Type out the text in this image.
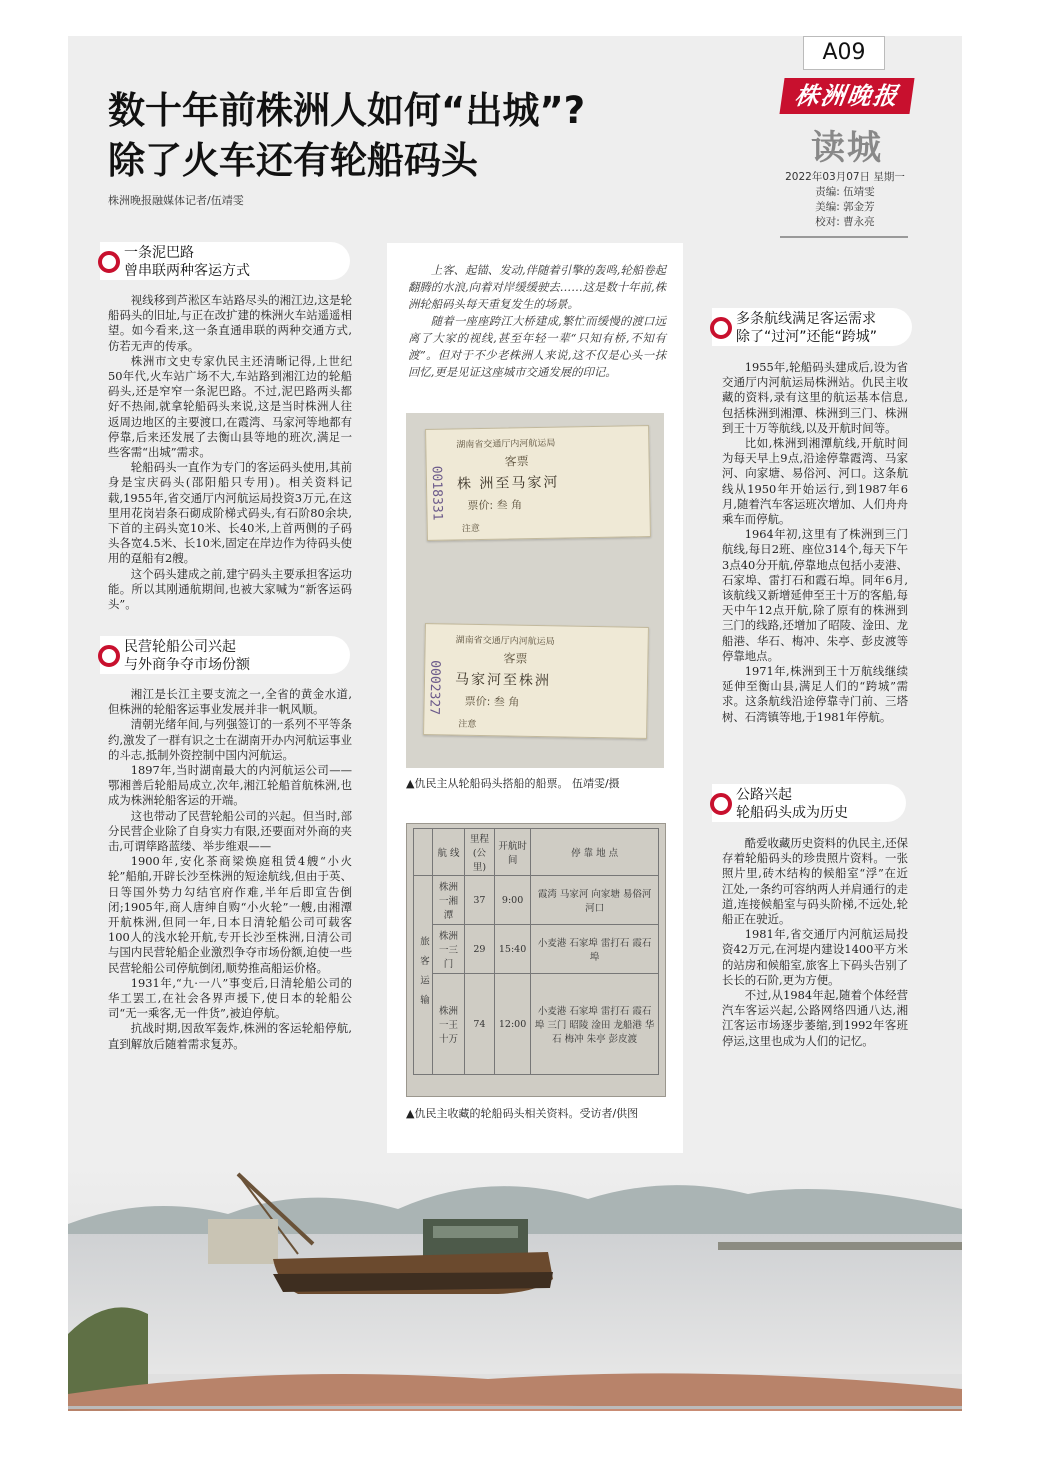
A09
株洲晚报
读城
2022年03月07日 星期一
责编: 伍靖雯
美编: 郭金芳
校对: 曹永亮
数十年前株洲人如何“出城”?
除了火车还有轮船码头
株洲晚报融媒体记者/伍靖雯
一条泥巴路
曾串联两种客运方式

视线移到芦淞区车站路尽头的湘江边,这是轮船码头的旧址,与正在改扩建的株洲火车站遥遥相望。如今看来,这一条直通串联的两种交通方式,仿若无声的传承。

株洲市文史专家仇民主还清晰记得,上世纪50年代,火车站广场不大,车站路到湘江边的轮船码头,还是窄窄一条泥巴路。不过,泥巴路两头都好不热闹,就拿轮船码头来说,这是当时株洲人往返周边地区的主要渡口,在霞湾、马家河等地都有停靠,后来还发展了去衡山县等地的班次,满足一些客需“出城”需求。

轮船码头一直作为专门的客运码头使用,其前身是宝庆码头(邵阳船只专用)。相关资料记载,1955年,省交通厅内河航运局投资3万元,在这里用花岗岩条石砌成阶梯式码头,有石阶80余块,下首的主码头宽10米、长40米,上首两侧的子码头各宽4.5米、长10米,固定在岸边作为待码头使用的趸船有2艘。

这个码头建成之前,建宁码头主要承担客运功能。所以其刚通航期间,也被大家喊为“新客运码头”。

民营轮船公司兴起
与外商争夺市场份额

湘江是长江主要支流之一,全省的黄金水道,但株洲的轮船客运事业发展并非一帆风顺。

清朝光绪年间,与列强签订的一系列不平等条约,激发了一群有识之士在湖南开办内河航运事业的斗志,抵制外资控制中国内河航运。

1897年,当时湖南最大的内河航运公司——鄂湘善后轮船局成立,次年,湘江轮船首航株洲,也成为株洲轮船客运的开端。

这也带动了民营轮船公司的兴起。但当时,部分民营企业除了自身实力有限,还要面对外商的夹击,可谓筚路蓝缕、举步维艰——

1900年,安化茶商梁焕庭租赁4艘“小火轮”船舶,开辟长沙至株洲的短途航线,但由于英、日等国外势力勾结官府作难,半年后即宣告倒闭;1905年,商人唐绅自购“小火轮”一艘,由湘潭开航株洲,但同一年,日本日清轮船公司可载客100人的浅水轮开航,专开长沙至株洲,日清公司与国内民营轮船企业激烈争夺市场份额,迫使一些民营轮船公司停航倒闭,顺势推高船运价格。

1931年,“九·一八”事变后,日清轮船公司的华工罢工,在社会各界声援下,使日本的轮船公司“无一乘客,无一件货”,被迫停航。

抗战时期,因敌军轰炸,株洲的客运轮船停航,直到解放后随着需求复苏。

上客、起锚、发动,伴随着引擎的轰鸣,轮船卷起翻腾的水浪,向着对岸缓缓驶去……这是数十年前,株洲轮船码头每天重复发生的场景。

随着一座座跨江大桥建成,繁忙而缓慢的渡口远离了大家的视线,甚至年轻一辈“只知有桥,不知有渡”。但对于不少老株洲人来说,这不仅是心头一抹回忆,更是见证这座城市交通发展的印记。

湖南省交通厅内河航运局
客票
株 洲至马家河
票价: 叁 角
注意
0018331
湖南省交通厅内河航运局
客票
马家河至株洲
票价: 叁 角
注意
0002327
▲仇民主从轮船码头搭船的船票。 伍靖雯/摄
	航 线	里程(公里)	开航时间	停 靠 地 点
旅客运输	株洲一湘潭	37	9:00	霞湾 马家河 向家塘 易俗河 河口
	株洲一三门	29	15:40	小麦港 石家埠 雷打石 霞石埠
	株洲一王十万	74	12:00	小麦港 石家埠 雷打石 霞石埠 三门 昭陵 淦田 龙船港 华石 梅冲 朱亭 彭皮渡
▲仇民主收藏的轮船码头相关资料。受访者/供图
多条航线满足客运需求
除了“过河”还能“跨城”

1955年,轮船码头建成后,设为省交通厅内河航运局株洲站。仇民主收藏的资料,录有这里的航运基本信息,包括株洲到湘潭、株洲到三门、株洲到王十万等航线,以及开航时间等。

比如,株洲到湘潭航线,开航时间为每天早上9点,沿途停靠霞湾、马家河、向家塘、易俗河、河口。这条航线从1950年开始运行,到1987年6月,随着汽车客运班次增加、人们舟舟乘车而停航。

1964年初,这里有了株洲到三门航线,每日2班、座位314个,每天下午3点40分开航,停靠地点包括小麦港、石家埠、雷打石和霞石埠。同年6月,该航线又新增延伸至王十万的客船,每天中午12点开航,除了原有的株洲到三门的线路,还增加了昭陵、淦田、龙船港、华石、梅冲、朱亭、彭皮渡等停靠地点。

1971年,株洲到王十万航线继续延伸至衡山县,满足人们的“跨城”需求。这条航线沿途停靠寺门前、三塔树、石湾镇等地,于1981年停航。

公路兴起
轮船码头成为历史

酷爱收藏历史资料的仇民主,还保存着轮船码头的珍贵照片资料。一张照片里,砖木结构的候船室“浮”在近江处,一条约可容纳两人并肩通行的走道,连接候船室与码头阶梯,不远处,轮船正在驶近。

1981年,省交通厅内河航运局投资42万元,在河堤内建设1400平方米的站房和候船室,旅客上下码头告别了长长的石阶,更为方便。

不过,从1984年起,随着个体经营汽车客运兴起,公路网络四通八达,湘江客运市场逐步萎缩,到1992年客班停运,这里也成为人们的记忆。
